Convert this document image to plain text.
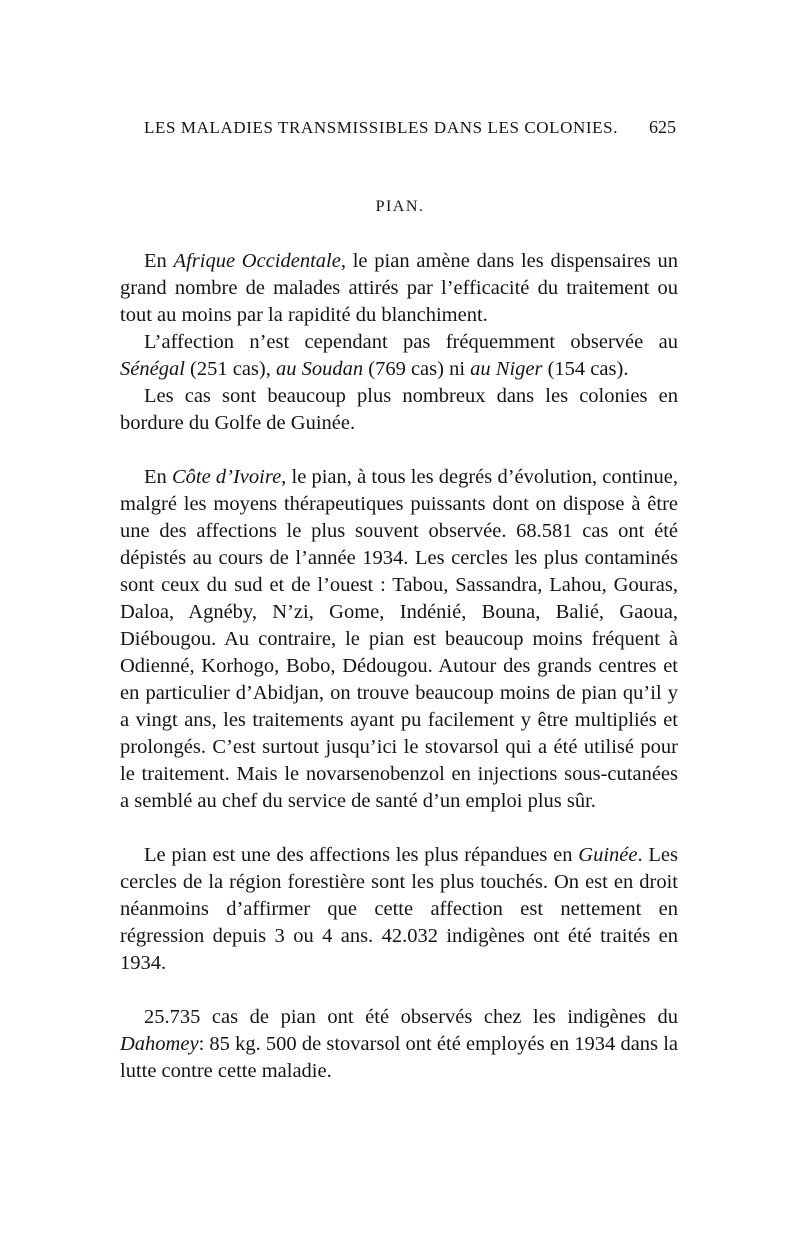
LES MALADIES TRANSMISSIBLES DANS LES COLONIES. 625
PIAN.

En Afrique Occidentale, le pian amène dans les dispensaires un grand nombre de malades attirés par l’efficacité du traitement ou tout au moins par la rapidité du blanchiment.

L’affection n’est cependant pas fréquemment observée au Sénégal (251 cas), au Soudan (769 cas) ni au Niger (154 cas).

Les cas sont beaucoup plus nombreux dans les colonies en bordure du Golfe de Guinée.

En Côte d’Ivoire, le pian, à tous les degrés d’évolution, continue, malgré les moyens thérapeutiques puissants dont on dispose à être une des affections le plus souvent observée. 68.581 cas ont été dépistés au cours de l’année 1934. Les cercles les plus contaminés sont ceux du sud et de l’ouest : Tabou, Sassandra, Lahou, Gouras, Daloa, Agnéby, N’zi, Gome, Indénié, Bouna, Balié, Gaoua, Diébougou. Au contraire, le pian est beaucoup moins fréquent à Odienné, Korhogo, Bobo, Dédougou. Autour des grands centres et en particulier d’Abidjan, on trouve beaucoup moins de pian qu’il y a vingt ans, les traitements ayant pu facilement y être multipliés et prolongés. C’est surtout jusqu’ici le stovarsol qui a été utilisé pour le traitement. Mais le novarsenobenzol en injections sous-cutanées a semblé au chef du service de santé d’un emploi plus sûr.

Le pian est une des affections les plus répandues en Guinée. Les cercles de la région forestière sont les plus touchés. On est en droit néanmoins d’affirmer que cette affection est nettement en régression depuis 3 ou 4 ans. 42.032 indigènes ont été traités en 1934.

25.735 cas de pian ont été observés chez les indigènes du Dahomey: 85 kg. 500 de stovarsol ont été employés en 1934 dans la lutte contre cette maladie.
